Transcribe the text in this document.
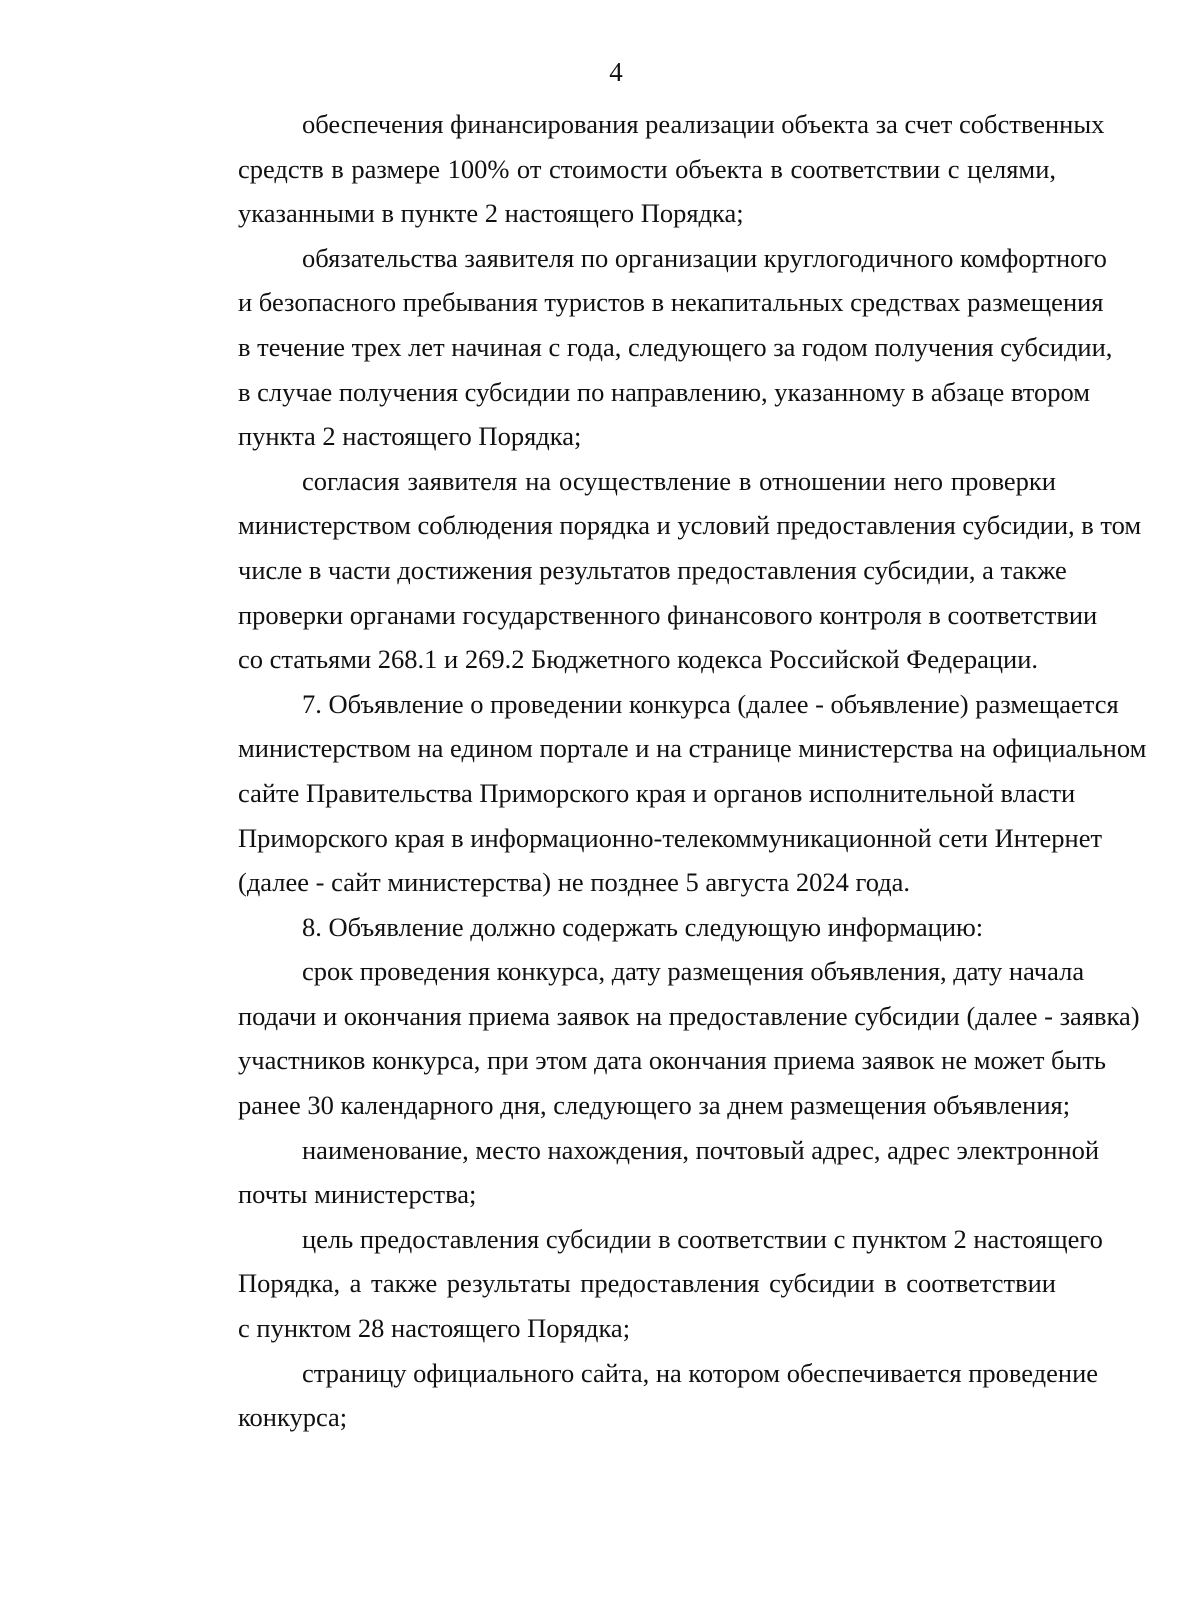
4
обеспечения финансирования реализации объекта за счет собственных
средств в размере 100% от стоимости объекта в соответствии с целями,
указанными в пункте 2 настоящего Порядка;
обязательства заявителя по организации круглогодичного комфортного
и безопасного пребывания туристов в некапитальных средствах размещения
в течение трех лет начиная с года, следующего за годом получения субсидии,
в случае получения субсидии по направлению, указанному в абзаце втором
пункта 2 настоящего Порядка;
согласия заявителя на осуществление в отношении него проверки
министерством соблюдения порядка и условий предоставления субсидии, в том
числе в части достижения результатов предоставления субсидии, а также
проверки органами государственного финансового контроля в соответствии
со статьями 268.1 и 269.2 Бюджетного кодекса Российской Федерации.
7. Объявление о проведении конкурса (далее - объявление) размещается
министерством на едином портале и на странице министерства на официальном
сайте Правительства Приморского края и органов исполнительной власти
Приморского края в информационно-телекоммуникационной сети Интернет
(далее - сайт министерства) не позднее 5 августа 2024 года.
8. Объявление должно содержать следующую информацию:
срок проведения конкурса, дату размещения объявления, дату начала
подачи и окончания приема заявок на предоставление субсидии (далее - заявка)
участников конкурса, при этом дата окончания приема заявок не может быть
ранее 30 календарного дня, следующего за днем размещения объявления;
наименование, место нахождения, почтовый адрес, адрес электронной
почты министерства;
цель предоставления субсидии в соответствии с пунктом 2 настоящего
Порядка, а также результаты предоставления субсидии в соответствии
с пунктом 28 настоящего Порядка;
страницу официального сайта, на котором обеспечивается проведение
конкурса;
